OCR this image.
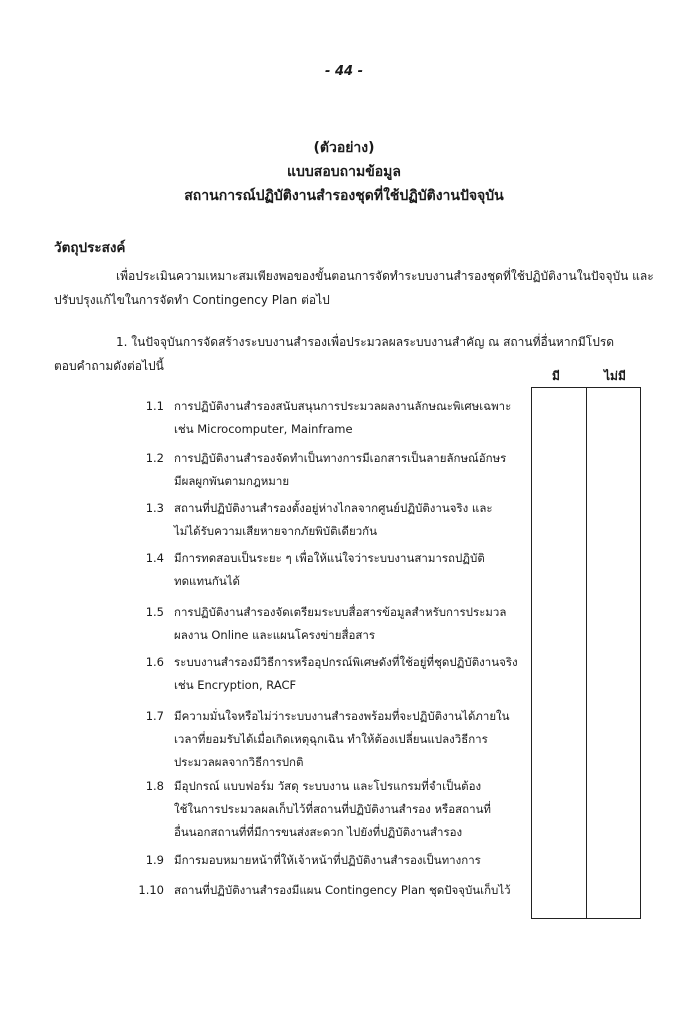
- 44 -
(ตัวอย่าง)
แบบสอบถามข้อมูล
สถานการณ์ปฏิบัติงานสำรองชุดที่ใช้ปฏิบัติงานปัจจุบัน
วัตถุประสงค์
เพื่อประเมินความเหมาะสมเพียงพอของขั้นตอนการจัดทำระบบงานสำรองชุดที่ใช้ปฏิบัติงานในปัจจุบัน และ
ปรับปรุงแก้ไขในการจัดทำ Contingency Plan ต่อไป
1. ในปัจจุบันการจัดสร้างระบบงานสำรองเพื่อประมวลผลระบบงานสำคัญ ณ สถานที่อื่นหากมีโปรด
ตอบคำถามดังต่อไปนี้
มี	ไม่มี
1.1 การปฏิบัติงานสำรองสนับสนุนการประมวลผลงานลักษณะพิเศษเฉพาะ
เช่น Microcomputer, Mainframe
1.2 การปฏิบัติงานสำรองจัดทำเป็นทางการมีเอกสารเป็นลายลักษณ์อักษร
มีผลผูกพันตามกฎหมาย
1.3 สถานที่ปฏิบัติงานสำรองตั้งอยู่ห่างไกลจากศูนย์ปฏิบัติงานจริง และ
ไม่ได้รับความเสียหายจากภัยพิบัติเดียวกัน
1.4 มีการทดสอบเป็นระยะ ๆ เพื่อให้แน่ใจว่าระบบงานสามารถปฏิบัติ
ทดแทนกันได้
1.5 การปฏิบัติงานสำรองจัดเตรียมระบบสื่อสารข้อมูลสำหรับการประมวล
ผลงาน Online และแผนโครงข่ายสื่อสาร
1.6 ระบบงานสำรองมีวิธีการหรืออุปกรณ์พิเศษดังที่ใช้อยู่ที่ชุดปฏิบัติงานจริง
เช่น Encryption, RACF
1.7 มีความมั่นใจหรือไม่ว่าระบบงานสำรองพร้อมที่จะปฏิบัติงานได้ภายใน
เวลาที่ยอมรับได้เมื่อเกิดเหตุฉุกเฉิน ทำให้ต้องเปลี่ยนแปลงวิธีการ
ประมวลผลจากวิธีการปกติ
1.8 มีอุปกรณ์ แบบฟอร์ม วัสดุ ระบบงาน และโปรแกรมที่จำเป็นต้อง
ใช้ในการประมวลผลเก็บไว้ที่สถานที่ปฏิบัติงานสำรอง หรือสถานที่
อื่นนอกสถานที่ที่มีการขนส่งสะดวก ไปยังที่ปฏิบัติงานสำรอง
1.9 มีการมอบหมายหน้าที่ให้เจ้าหน้าที่ปฏิบัติงานสำรองเป็นทางการ
1.10 สถานที่ปฏิบัติงานสำรองมีแผน Contingency Plan ชุดปัจจุบันเก็บไว้
